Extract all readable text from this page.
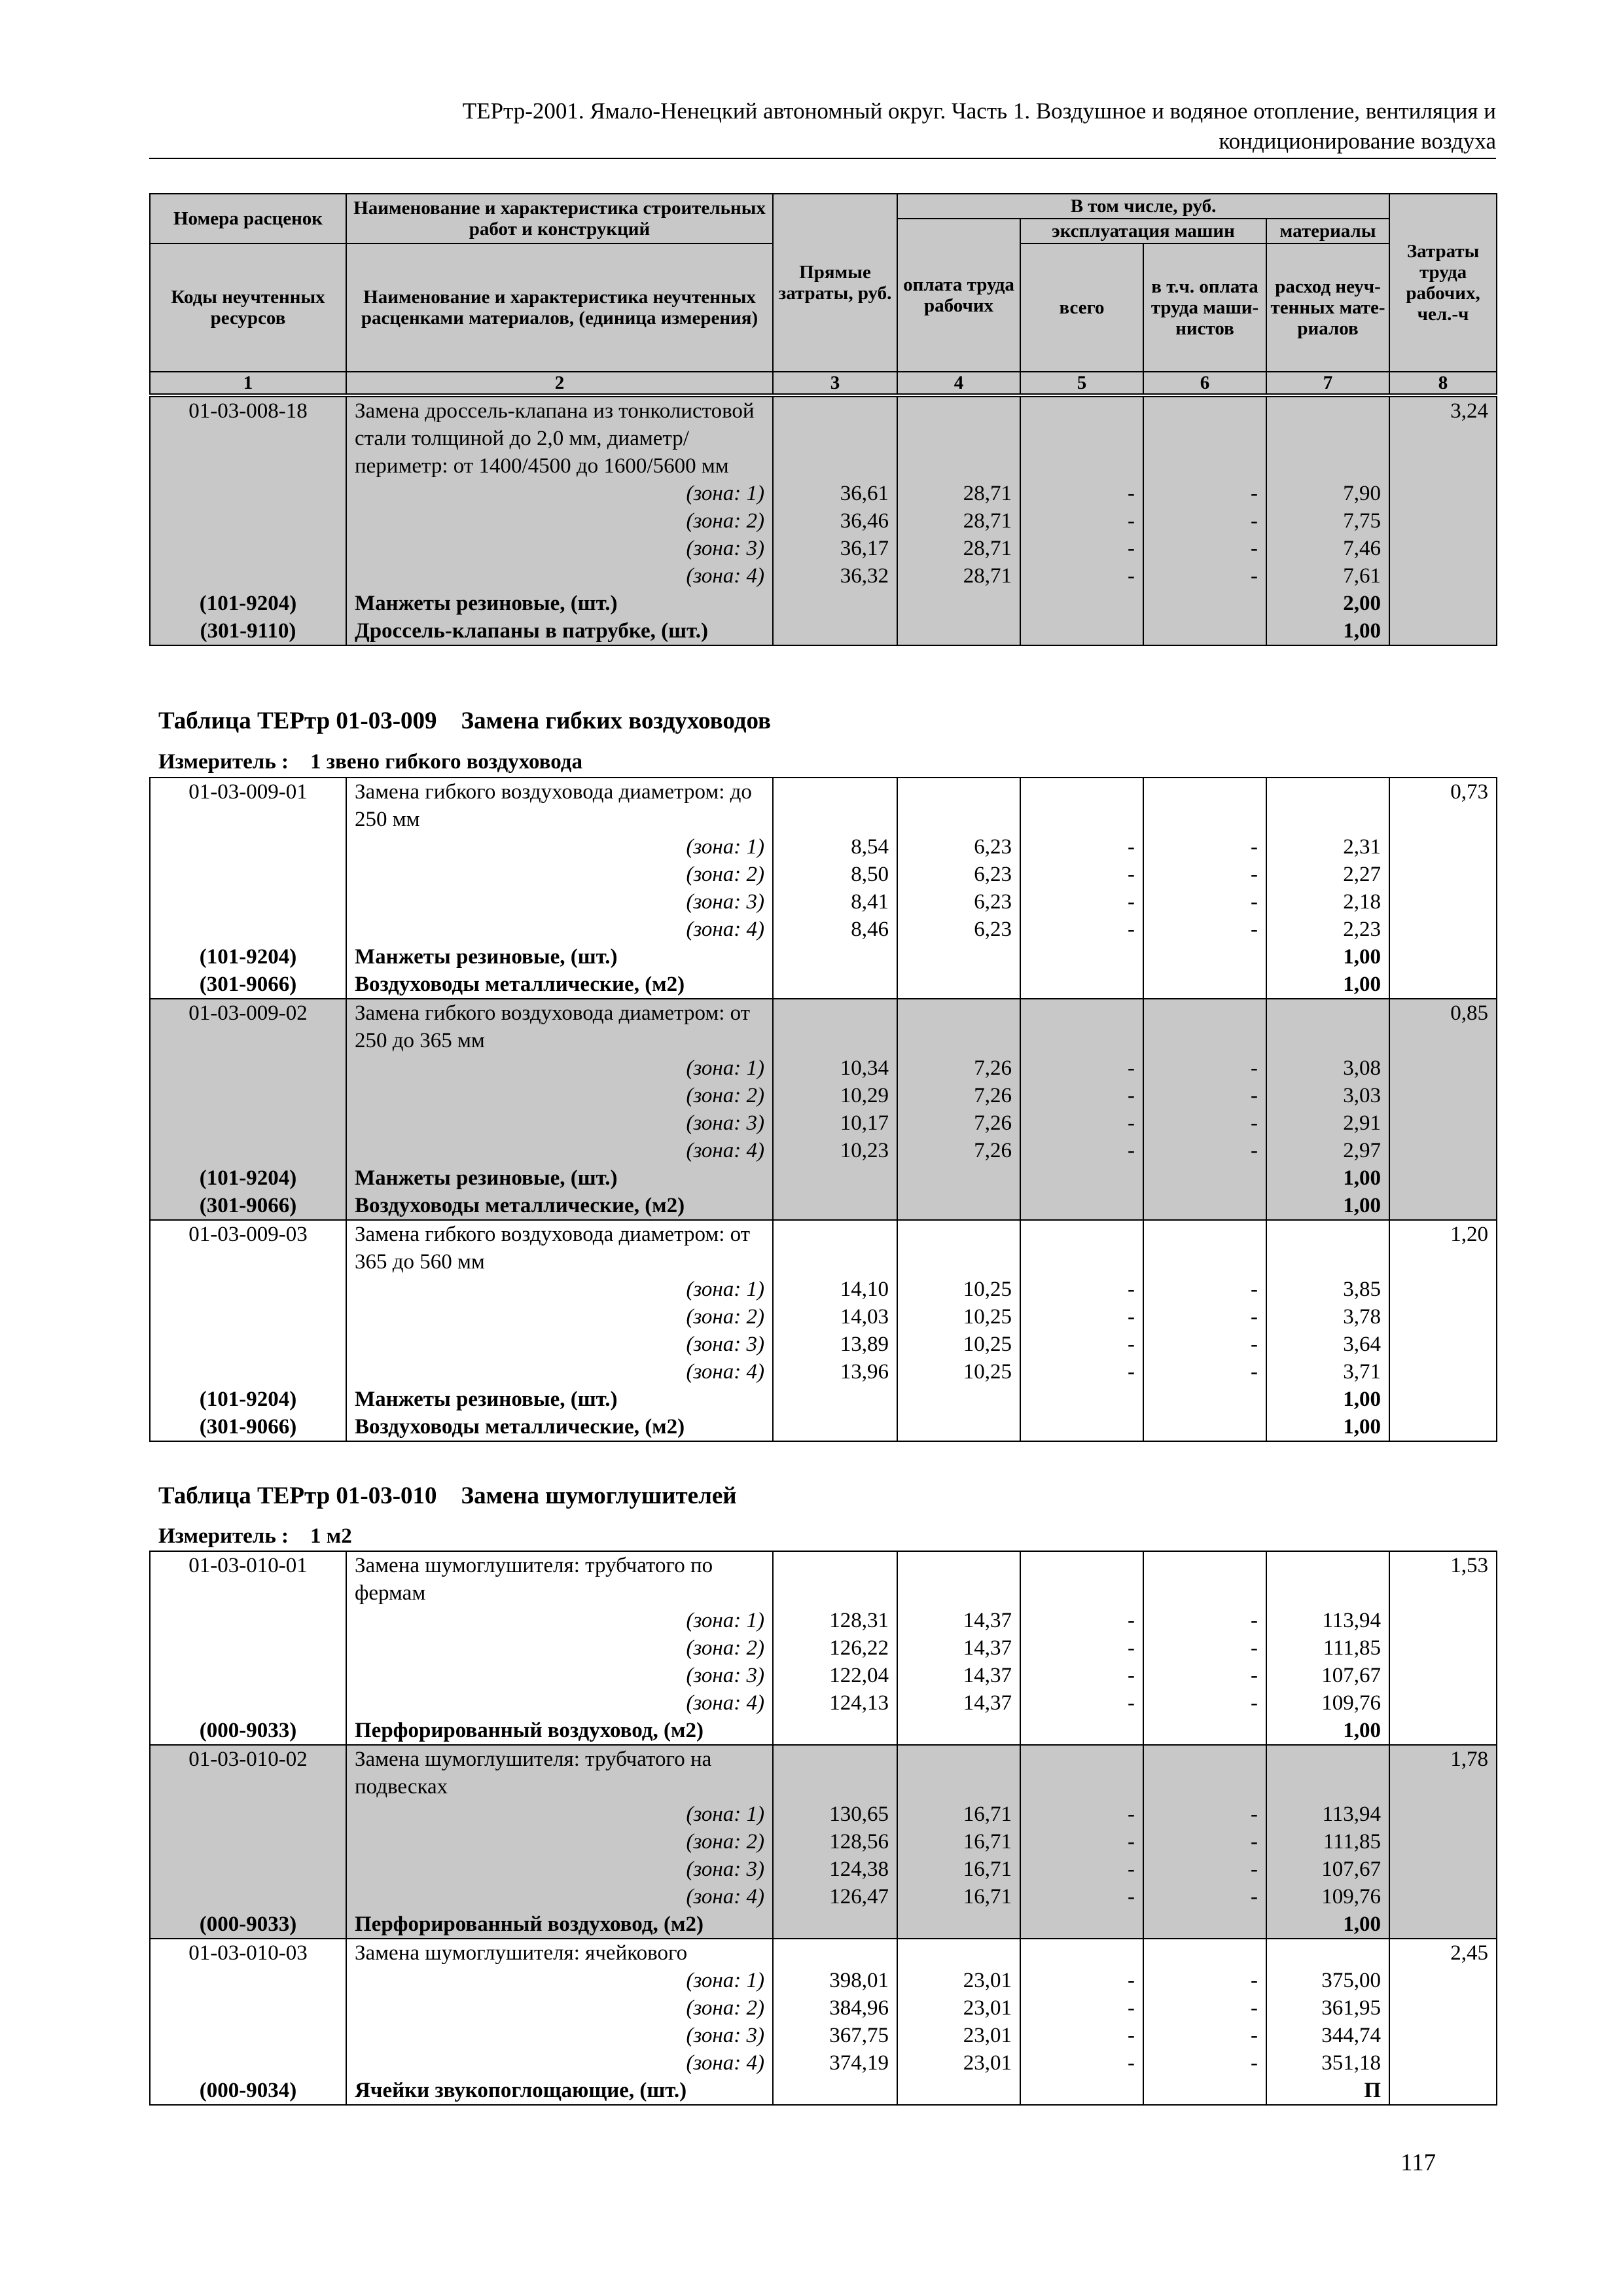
ТЕРтр-2001. Ямало-Ненецкий автономный округ. Часть 1. Воздушное и водяное отопление, вентиляция и
кондиционирование воздуха
Номера расценок	Наименование и характеристика строительных работ и конструкций	Прямые затраты, руб.	В том числе, руб.				Затраты труда рабочих, чел.-ч
			оплата труда рабочих	эксплуатация машин		материалы	
Коды неучтенных ресурсов	Наименование и характеристика неучтенных расценками материалов, (единица измерения)			всего	в т.ч. оплата труда маши-нистов	расход неуч-тенных мате-риалов	
1	2	3	4	5	6	7	8
01-03-008-18	Замена дроссель-клапана из тонколистовой стали толщиной до 2,0 мм, диаметр/периметр: от 1400/4500 до 1600/5600 мм						3,24
	(зона: 1)	36,61	28,71	-	-	7,90	
	(зона: 2)	36,46	28,71	-	-	7,75	
	(зона: 3)	36,17	28,71	-	-	7,46	
	(зона: 4)	36,32	28,71	-	-	7,61	
(101-9204)	Манжеты резиновые, (шт.)					2,00	
(301-9110)	Дроссель-клапаны в патрубке, (шт.)					1,00	
Таблица ТЕРтр 01-03-009 Замена гибких воздуховодов
Измеритель : 1 звено гибкого воздуховода
01-03-009-01	Замена гибкого воздуховода диаметром: до 250 мм						0,73
	(зона: 1)	8,54	6,23	-	-	2,31	
	(зона: 2)	8,50	6,23	-	-	2,27	
	(зона: 3)	8,41	6,23	-	-	2,18	
	(зона: 4)	8,46	6,23	-	-	2,23	
(101-9204)	Манжеты резиновые, (шт.)					1,00	
(301-9066)	Воздуховоды металлические, (м2)					1,00	
01-03-009-02	Замена гибкого воздуховода диаметром: от 250 до 365 мм						0,85
	(зона: 1)	10,34	7,26	-	-	3,08	
	(зона: 2)	10,29	7,26	-	-	3,03	
	(зона: 3)	10,17	7,26	-	-	2,91	
	(зона: 4)	10,23	7,26	-	-	2,97	
(101-9204)	Манжеты резиновые, (шт.)					1,00	
(301-9066)	Воздуховоды металлические, (м2)					1,00	
01-03-009-03	Замена гибкого воздуховода диаметром: от 365 до 560 мм						1,20
	(зона: 1)	14,10	10,25	-	-	3,85	
	(зона: 2)	14,03	10,25	-	-	3,78	
	(зона: 3)	13,89	10,25	-	-	3,64	
	(зона: 4)	13,96	10,25	-	-	3,71	
(101-9204)	Манжеты резиновые, (шт.)					1,00	
(301-9066)	Воздуховоды металлические, (м2)					1,00	
Таблица ТЕРтр 01-03-010 Замена шумоглушителей
Измеритель : 1 м2
01-03-010-01	Замена шумоглушителя: трубчатого по фермам						1,53
	(зона: 1)	128,31	14,37	-	-	113,94	
	(зона: 2)	126,22	14,37	-	-	111,85	
	(зона: 3)	122,04	14,37	-	-	107,67	
	(зона: 4)	124,13	14,37	-	-	109,76	
(000-9033)	Перфорированный воздуховод, (м2)					1,00	
01-03-010-02	Замена шумоглушителя: трубчатого на подвесках						1,78
	(зона: 1)	130,65	16,71	-	-	113,94	
	(зона: 2)	128,56	16,71	-	-	111,85	
	(зона: 3)	124,38	16,71	-	-	107,67	
	(зона: 4)	126,47	16,71	-	-	109,76	
(000-9033)	Перфорированный воздуховод, (м2)					1,00	
01-03-010-03	Замена шумоглушителя: ячейкового						2,45
	(зона: 1)	398,01	23,01	-	-	375,00	
	(зона: 2)	384,96	23,01	-	-	361,95	
	(зона: 3)	367,75	23,01	-	-	344,74	
	(зона: 4)	374,19	23,01	-	-	351,18	
(000-9034)	Ячейки звукопоглощающие, (шт.)					П	
117
